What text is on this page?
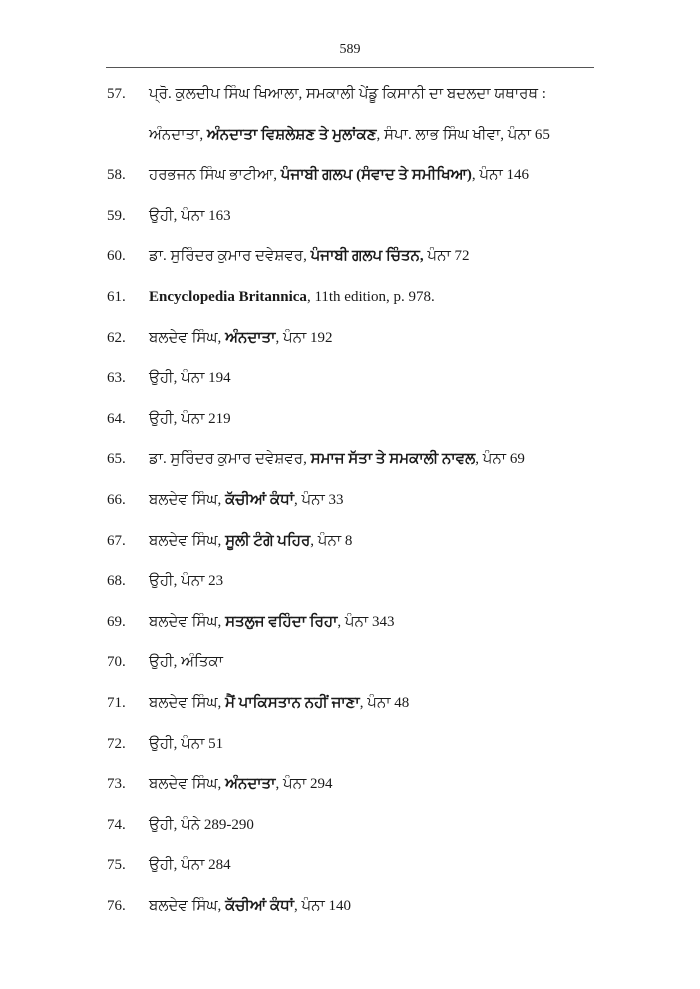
589
57. ਪ੍ਰੋ. ਕੁਲਦੀਪ ਸਿੰਘ ਖਿਆਲਾ, ਸਮਕਾਲੀ ਪੇਂਡੂ ਕਿਸਾਨੀ ਦਾ ਬਦਲਦਾ ਯਥਾਰਥ :
ਅੰਨਦਾਤਾ, ਅੰਨਦਾਤਾ ਵਿਸ਼ਲੇਸ਼ਣ ਤੇ ਮੁਲਾਂਕਣ, ਸੰਪਾ. ਲਾਭ ਸਿੰਘ ਖੀਵਾ, ਪੰਨਾ 65
58. ਹਰਭਜਨ ਸਿੰਘ ਭਾਟੀਆ, ਪੰਜਾਬੀ ਗਲਪ (ਸੰਵਾਦ ਤੇ ਸਮੀਖਿਆ), ਪੰਨਾ 146
59. ਉਹੀ, ਪੰਨਾ 163
60. ਡਾ. ਸੁਰਿੰਦਰ ਕੁਮਾਰ ਦਵੇਸ਼ਵਰ, ਪੰਜਾਬੀ ਗਲਪ ਚਿੰਤਨ, ਪੰਨਾ 72
61. Encyclopedia Britannica, 11th edition, p. 978.
62. ਬਲਦੇਵ ਸਿੰਘ, ਅੰਨਦਾਤਾ, ਪੰਨਾ 192
63. ਉਹੀ, ਪੰਨਾ 194
64. ਉਹੀ, ਪੰਨਾ 219
65. ਡਾ. ਸੁਰਿੰਦਰ ਕੁਮਾਰ ਦਵੇਸ਼ਵਰ, ਸਮਾਜ ਸੱਤਾ ਤੇ ਸਮਕਾਲੀ ਨਾਵਲ, ਪੰਨਾ 69
66. ਬਲਦੇਵ ਸਿੰਘ, ਕੱਚੀਆਂ ਕੰਧਾਂ, ਪੰਨਾ 33
67. ਬਲਦੇਵ ਸਿੰਘ, ਸੂਲੀ ਟੰਗੇ ਪਹਿਰ, ਪੰਨਾ 8
68. ਉਹੀ, ਪੰਨਾ 23
69. ਬਲਦੇਵ ਸਿੰਘ, ਸਤਲੁਜ ਵਹਿੰਦਾ ਰਿਹਾ, ਪੰਨਾ 343
70. ਉਹੀ, ਅੰਤਿਕਾ
71. ਬਲਦੇਵ ਸਿੰਘ, ਮੈਂ ਪਾਕਿਸਤਾਨ ਨਹੀਂ ਜਾਣਾ, ਪੰਨਾ 48
72. ਉਹੀ, ਪੰਨਾ 51
73. ਬਲਦੇਵ ਸਿੰਘ, ਅੰਨਦਾਤਾ, ਪੰਨਾ 294
74. ਉਹੀ, ਪੰਨੇ 289-290
75. ਉਹੀ, ਪੰਨਾ 284
76. ਬਲਦੇਵ ਸਿੰਘ, ਕੱਚੀਆਂ ਕੰਧਾਂ, ਪੰਨਾ 140
